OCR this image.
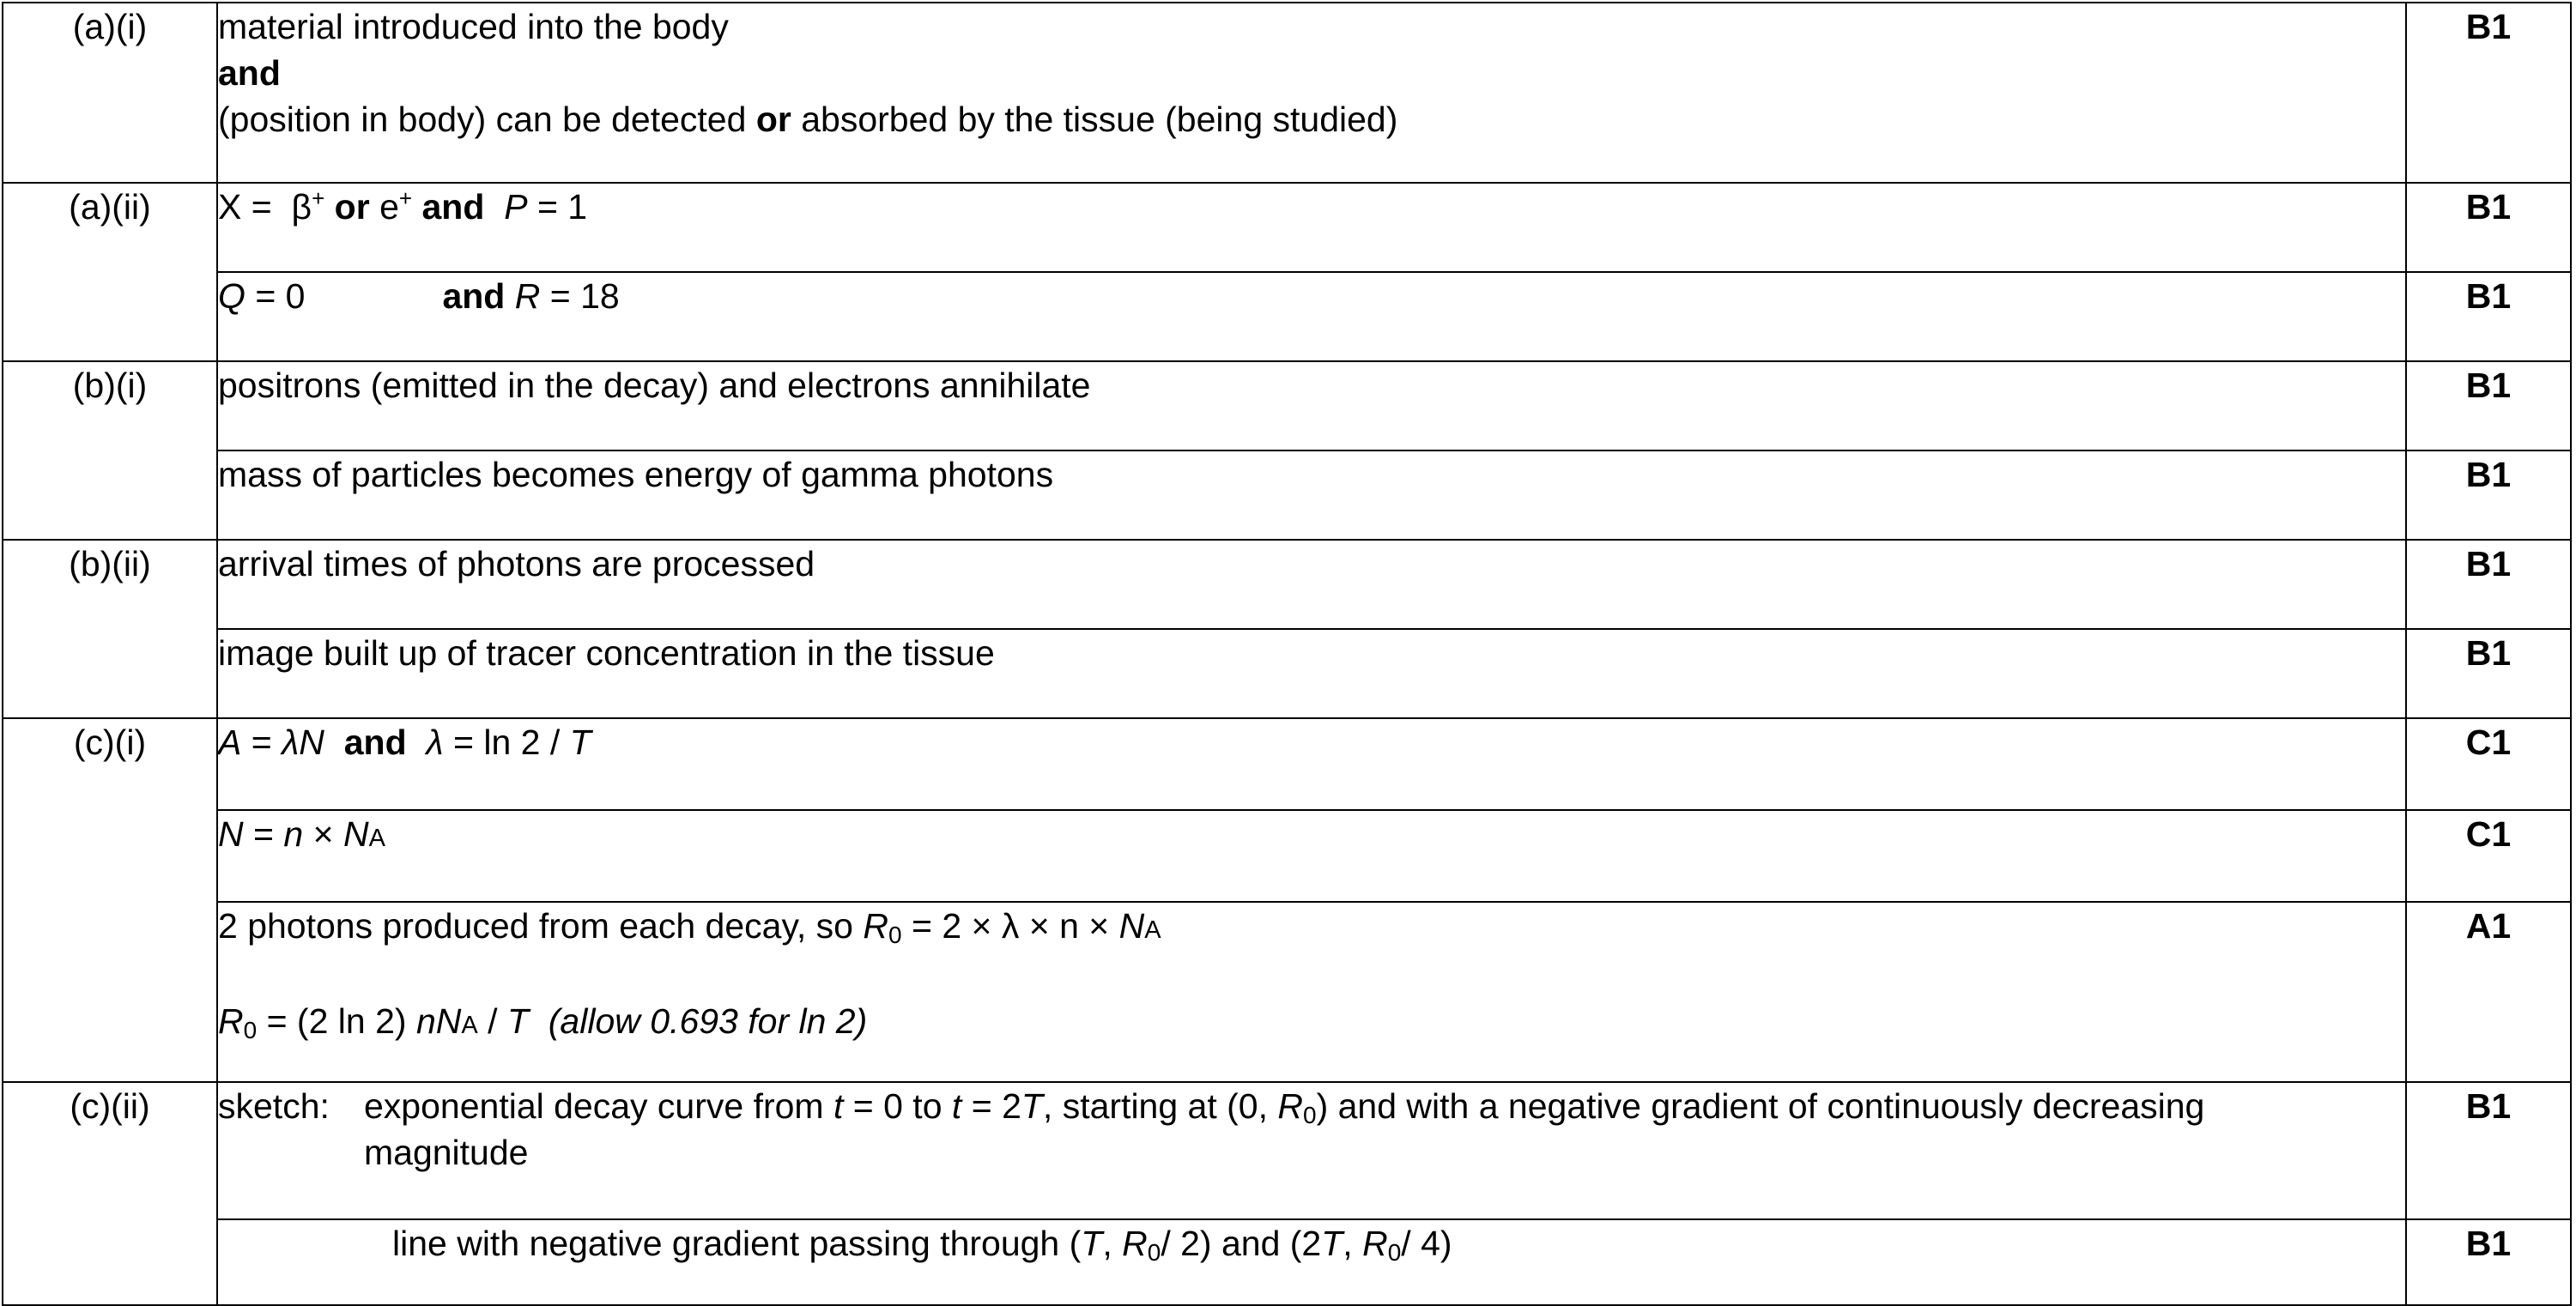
(a)(i)	material introduced into the body
and
(position in body) can be detected or absorbed by the tissue (being studied)	B1
(a)(ii)	X = β+ or e+ and P = 1	B1
	Q = 0 and R = 18	B1
(b)(i)	positrons (emitted in the decay) and electrons annihilate	B1
	mass of particles becomes energy of gamma photons	B1
(b)(ii)	arrival times of photons are processed	B1
	image built up of tracer concentration in the tissue	B1
(c)(i)	A = λN and λ = ln 2 / T	C1
	N = n × NA	C1

	2 photons produced from each decay, so $R_0 = 2 \times \lambda \times n$ × NA
$R_0 = (2$ ln 2) nNA / T (allow 0.693 for ln 2)	A1
(c)(ii)	sketch: exponential decay curve from t = 0 to t = 2T, starting at (0, $R_0$) and with a negative gradient of continuously decreasing magnitude	B1

	line with negative gradient passing through (T, $R_0/$ 2) and (2T, $R_0/$ 4)	B1
